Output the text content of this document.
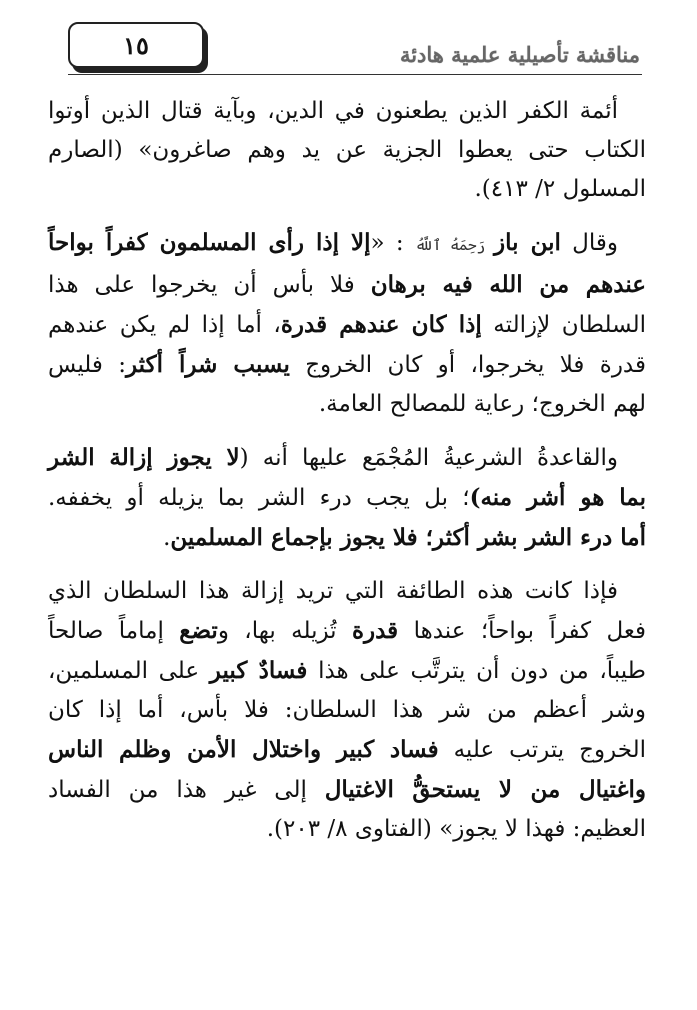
١٥	مناقشة تأصيلية علمية هادئة

أئمة الكفر الذين يطعنون في الدين، وبآية قتال الذين أوتوا
الكتاب حتى يعطوا الجزية عن يد وهم صاغرون» (الصارم
المسلول ٢/ ٤١٣).

وقال ابن باز رَحِمَهُ ٱللَّهُ : «إلا إذا رأى المسلمون كفراً بواحاً
عندهم من الله فيه برهان فلا بأس أن يخرجوا على هذا
السلطان لإزالته إذا كان عندهم قدرة، أما إذا لم يكن عندهم
قدرة فلا يخرجوا، أو كان الخروج يسبب شراً أكثر: فليس
لهم الخروج؛ رعاية للمصالح العامة.

والقاعدةُ الشرعيةُ المُجْمَع عليها أنه (لا يجوز إزالة الشر
بما هو أشر منه)؛ بل يجب درء الشر بما يزيله أو يخففه.
أما درء الشر بشر أكثر؛ فلا يجوز بإجماع المسلمين.

فإذا كانت هذه الطائفة التي تريد إزالة هذا السلطان الذي
فعل كفراً بواحاً؛ عندها قدرة تُزيله بها، وتضع إماماً صالحاً
طيباً، من دون أن يترتَّب على هذا فسادٌ كبير على المسلمين،
وشر أعظم من شر هذا السلطان: فلا بأس، أما إذا كان
الخروج يترتب عليه فساد كبير واختلال الأمن وظلم الناس
واغتيال من لا يستحقُّ الاغتيال إلى غير هذا من الفساد
العظيم: فهذا لا يجوز» (الفتاوى ٨/ ٢٠٣).
